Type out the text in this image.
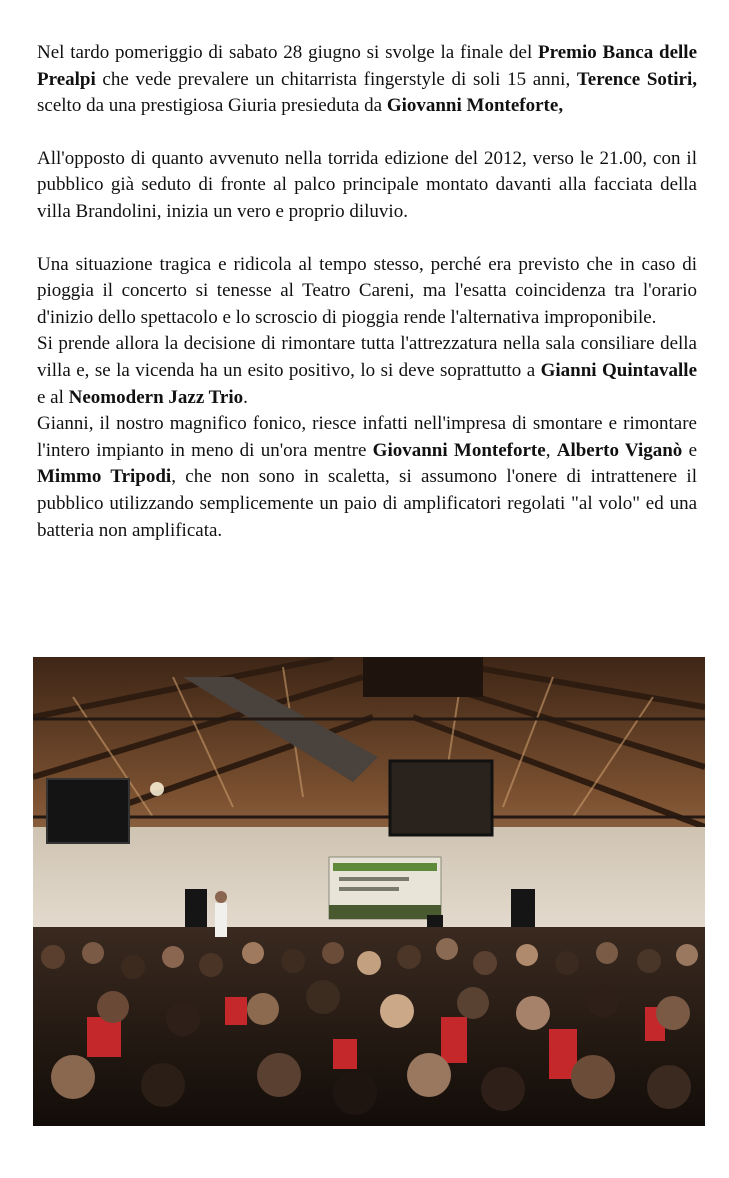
Nel tardo pomeriggio di sabato 28 giugno si svolge la finale del Premio Banca delle Prealpi che vede prevalere un chitarrista fingerstyle di soli 15 anni, Terence Sotiri, scelto da una prestigiosa Giuria presieduta da Giovanni Monteforte,

All'opposto di quanto avvenuto nella torrida edizione del 2012, verso le 21.00, con il pubblico già seduto di fronte al palco principale montato davanti alla facciata della villa Brandolini, inizia un vero e proprio diluvio.

Una situazione tragica e ridicola al tempo stesso, perché era previsto che in caso di pioggia il concerto si tenesse al Teatro Careni, ma l'esatta coincidenza tra l'orario d'inizio dello spettacolo e lo scroscio di pioggia rende l'alternativa improponibile.

Si prende allora la decisione di rimontare tutta l'attrezzatura nella sala consiliare della villa e, se la vicenda ha un esito positivo, lo si deve soprattutto a Gianni Quintavalle e al Neomodern Jazz Trio.

Gianni, il nostro magnifico fonico, riesce infatti nell'impresa di smontare e rimontare l'intero impianto in meno di un'ora mentre Giovanni Monteforte, Alberto Viganò e Mimmo Tripodi, che non sono in scaletta, si assumono l'onere di intrattenere il pubblico utilizzando semplicemente un paio di amplificatori regolati "al volo" ed una batteria non amplificata.
